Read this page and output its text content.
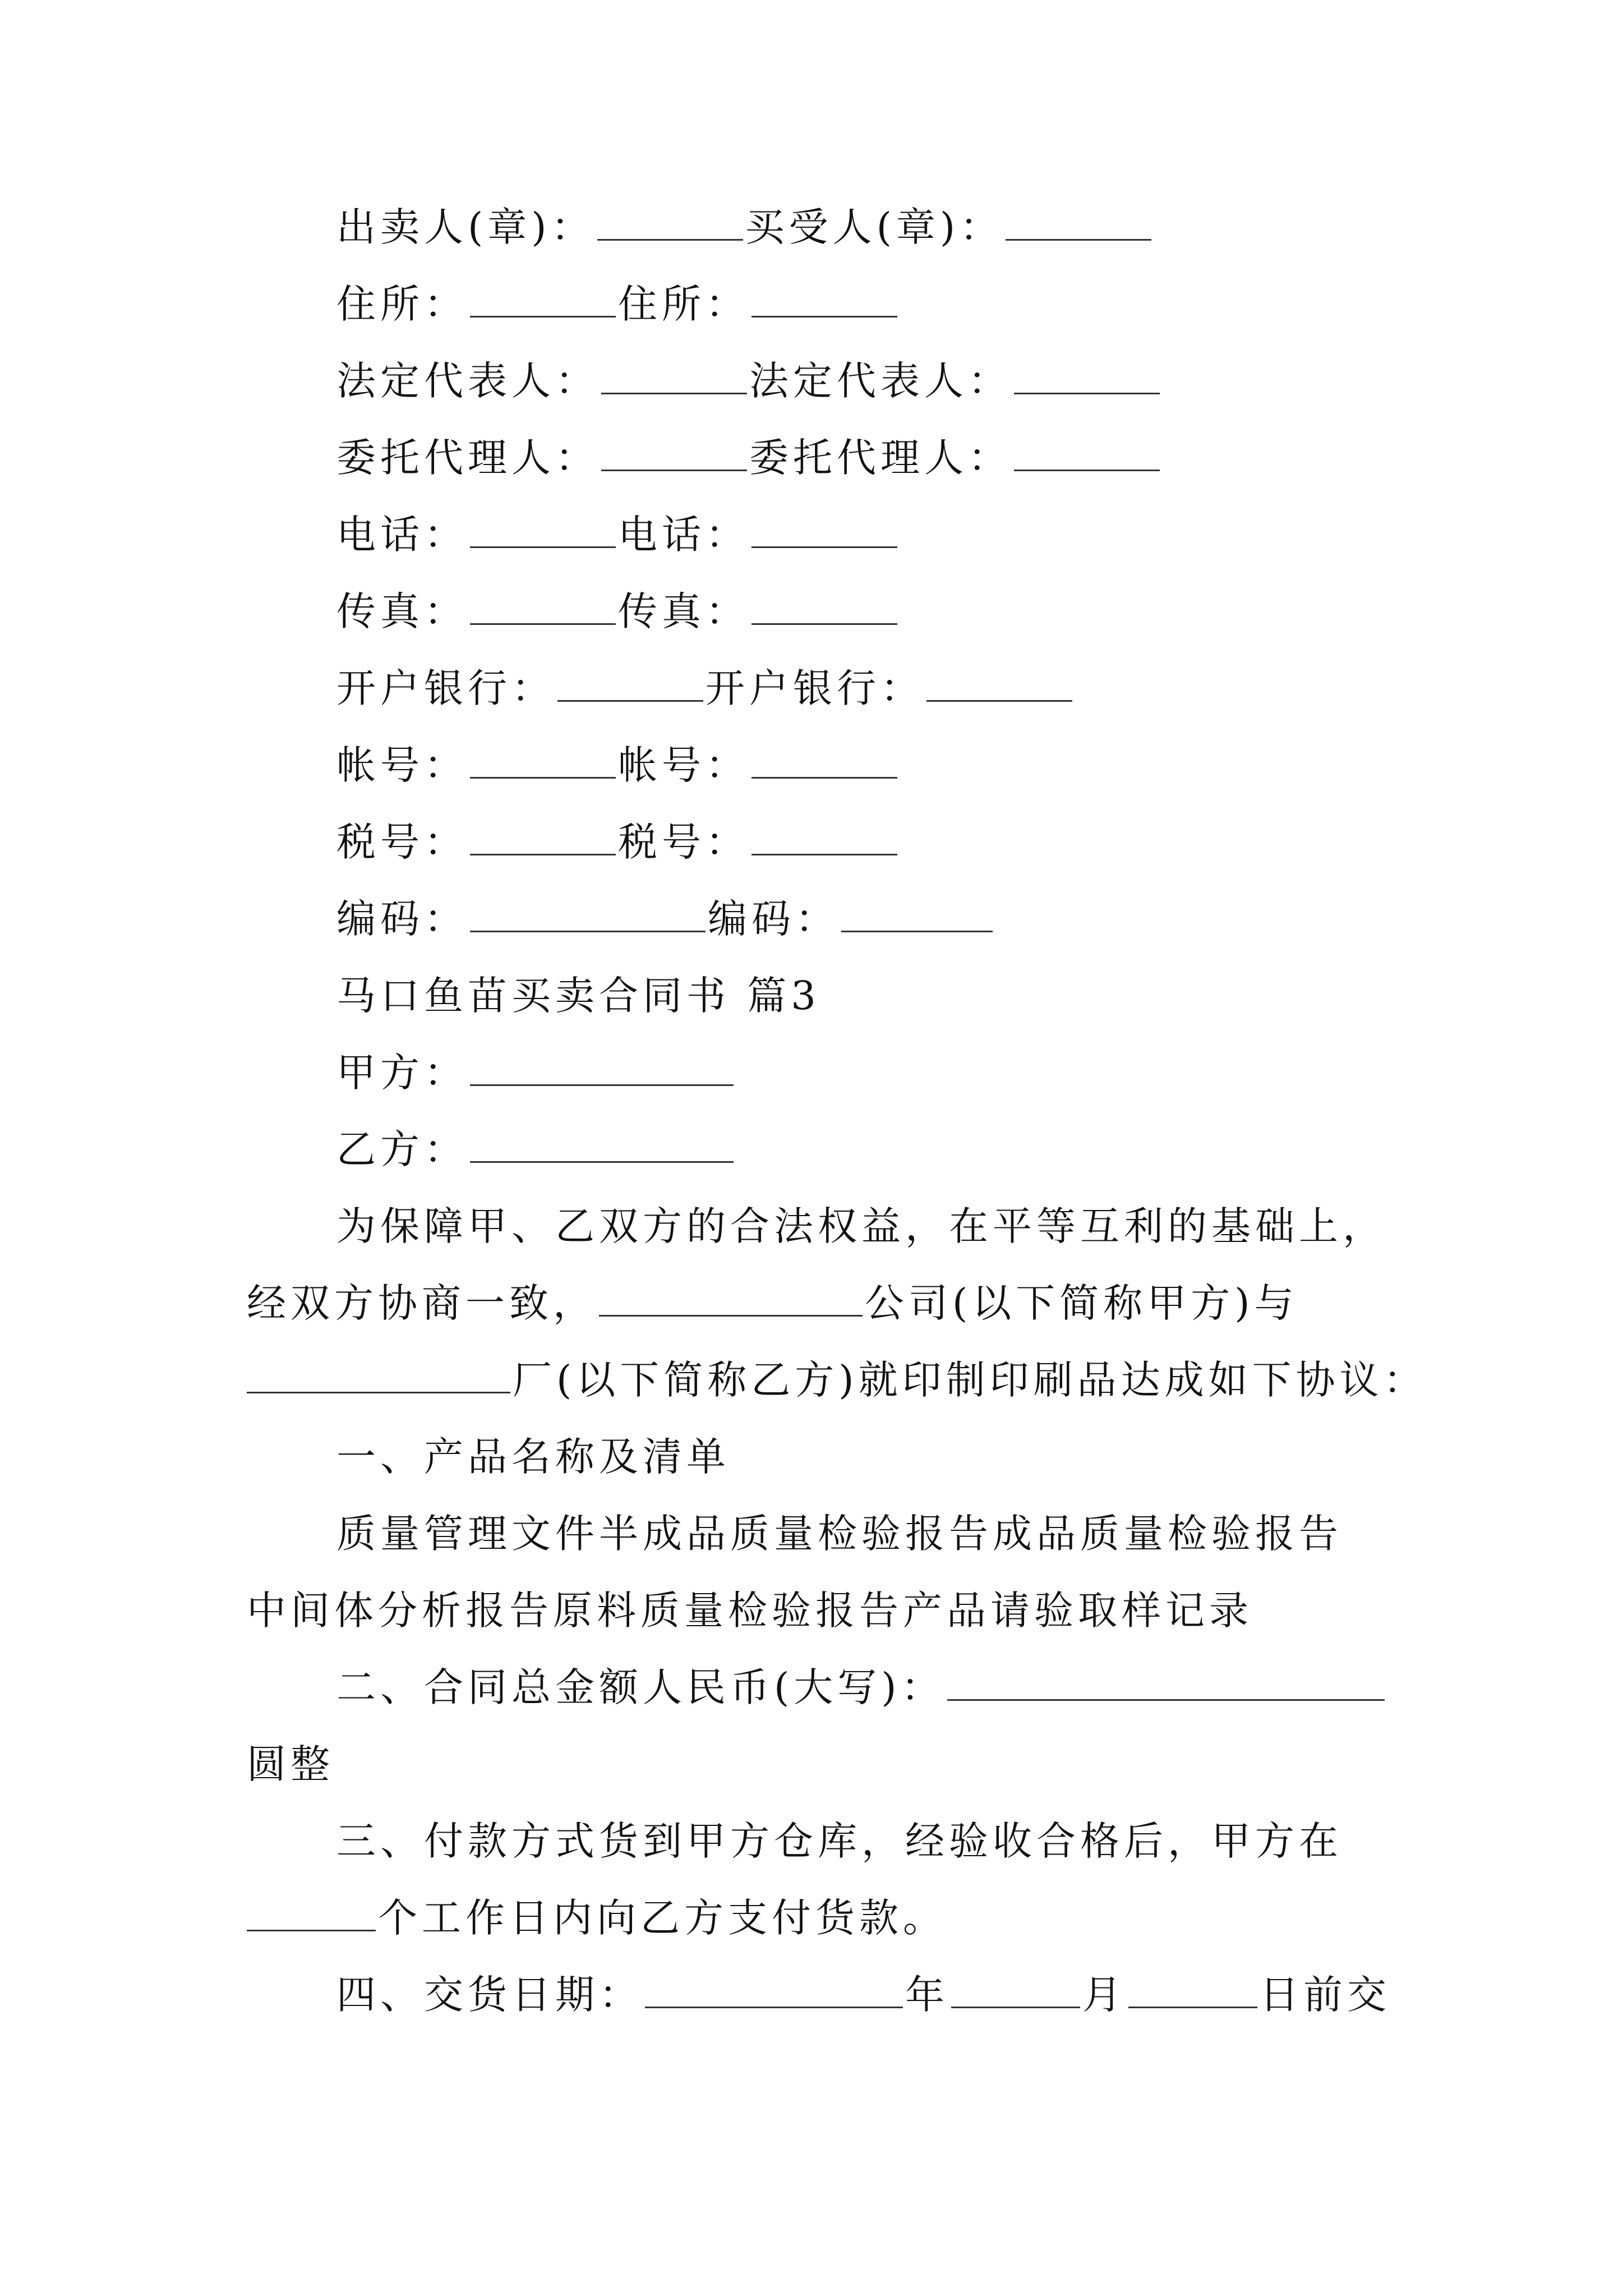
出卖人(章)：	买受人(章)：
住所：	住所：
法定代表人：	法定代表人：
委托代理人：	委托代理人：
电话：	电话：
传真：	传真：
开户银行：	开户银行：
帐号：	帐号：
税号：	税号：
编码：	编码：
马口鱼苗买卖合同书 篇3
甲方：
乙方：
为保障甲、乙双方的合法权益，在平等互利的基础上，
经双方协商一致，	公司(以下简称甲方)与
厂(以下简称乙方)就印制印刷品达成如下协议：
一、产品名称及清单
质量管理文件半成品质量检验报告成品质量检验报告
中间体分析报告原料质量检验报告产品请验取样记录
二、合同总金额人民币(大写)：
圆整
三、付款方式货到甲方仓库，经验收合格后，甲方在
个工作日内向乙方支付货款。
四、交货日期：	年	月	日前交
